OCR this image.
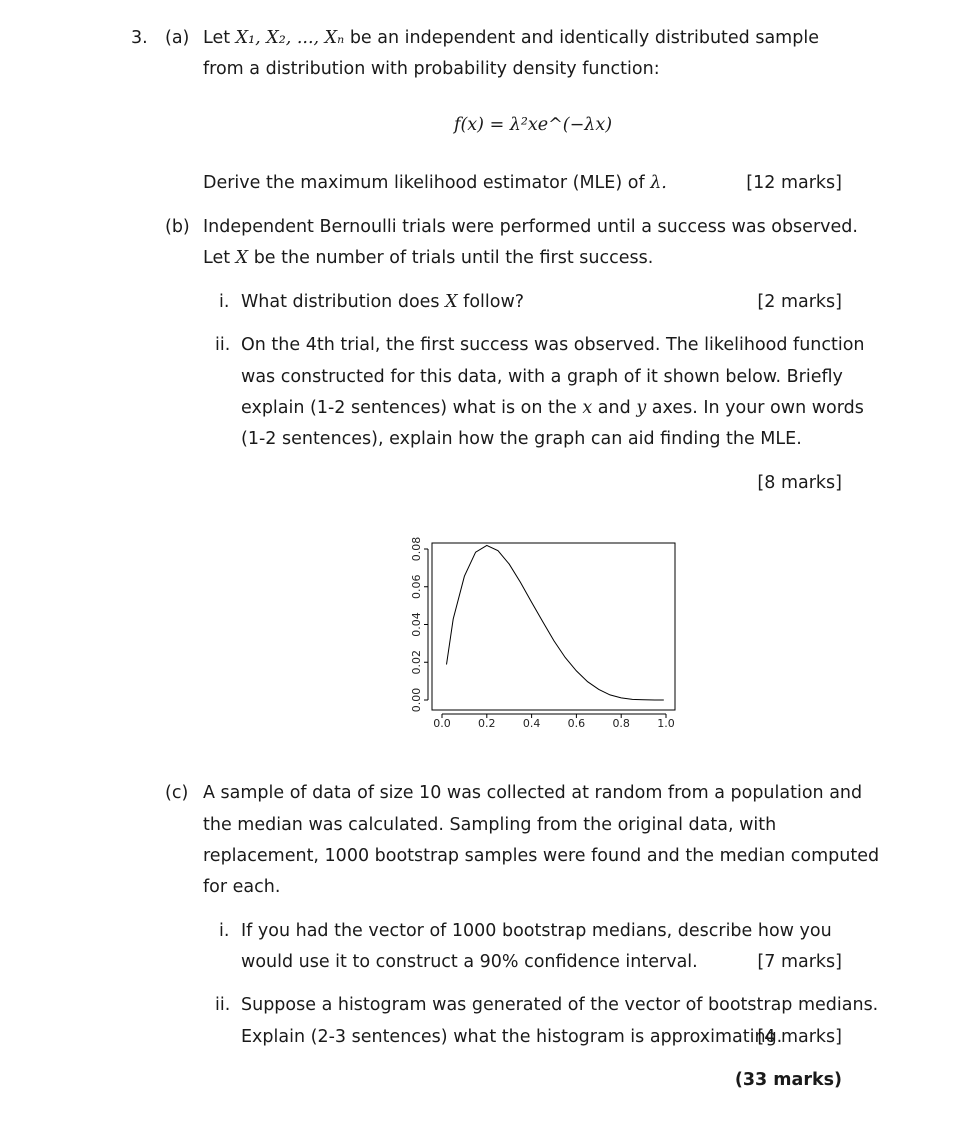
3. (a) Let X₁, X₂, ..., Xₙ be an independent and identically distributed sample
from a distribution with probability density function:
f(x) = λ²xe^(−λx)
Derive the maximum likelihood estimator (MLE) of λ.	[12 marks]
(b) Independent Bernoulli trials were performed until a success was observed.
Let X be the number of trials until the first success.
i. What distribution does X follow?	[2 marks]
ii. On the 4th trial, the first success was observed. The likelihood function
was constructed for this data, with a graph of it shown below. Briefly
explain (1-2 sentences) what is on the x and y axes. In your own words
(1-2 sentences), explain how the graph can aid finding the MLE.
[8 marks]
0.0 0.2 0.4 0.6 0.8 1.0
0.00
0.02
0.04
0.06
0.08
(c) A sample of data of size 10 was collected at random from a population and
the median was calculated. Sampling from the original data, with
replacement, 1000 bootstrap samples were found and the median computed
for each.
i. If you had the vector of 1000 bootstrap medians, describe how you
would use it to construct a 90% confidence interval.	[7 marks]
ii. Suppose a histogram was generated of the vector of bootstrap medians.
Explain (2-3 sentences) what the histogram is approximating.
[4 marks]
(33 marks)
